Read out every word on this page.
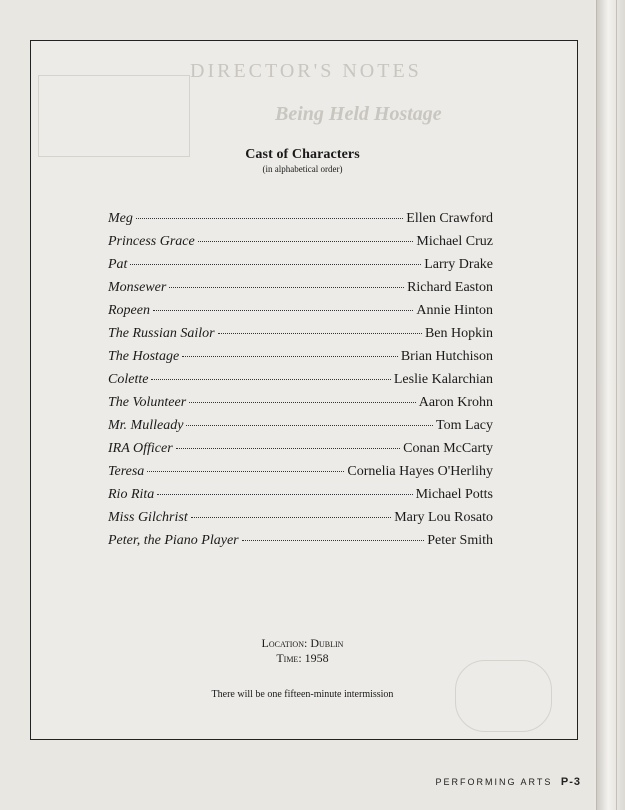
DIRECTOR'S NOTES
Being Held Hostage
Cast of Characters
(in alphabetical order)
Meg	Ellen Crawford
Princess Grace	Michael Cruz
Pat	Larry Drake
Monsewer	Richard Easton
Ropeen	Annie Hinton
The Russian Sailor	Ben Hopkin
The Hostage	Brian Hutchison
Colette	Leslie Kalarchian
The Volunteer	Aaron Krohn
Mr. Mulleady	Tom Lacy
IRA Officer	Conan McCarty
Teresa	Cornelia Hayes O'Herlihy
Rio Rita	Michael Potts
Miss Gilchrist	Mary Lou Rosato
Peter, the Piano Player	Peter Smith
Location: Dublin
Time: 1958
There will be one fifteen-minute intermission
PERFORMING ARTS P-3
